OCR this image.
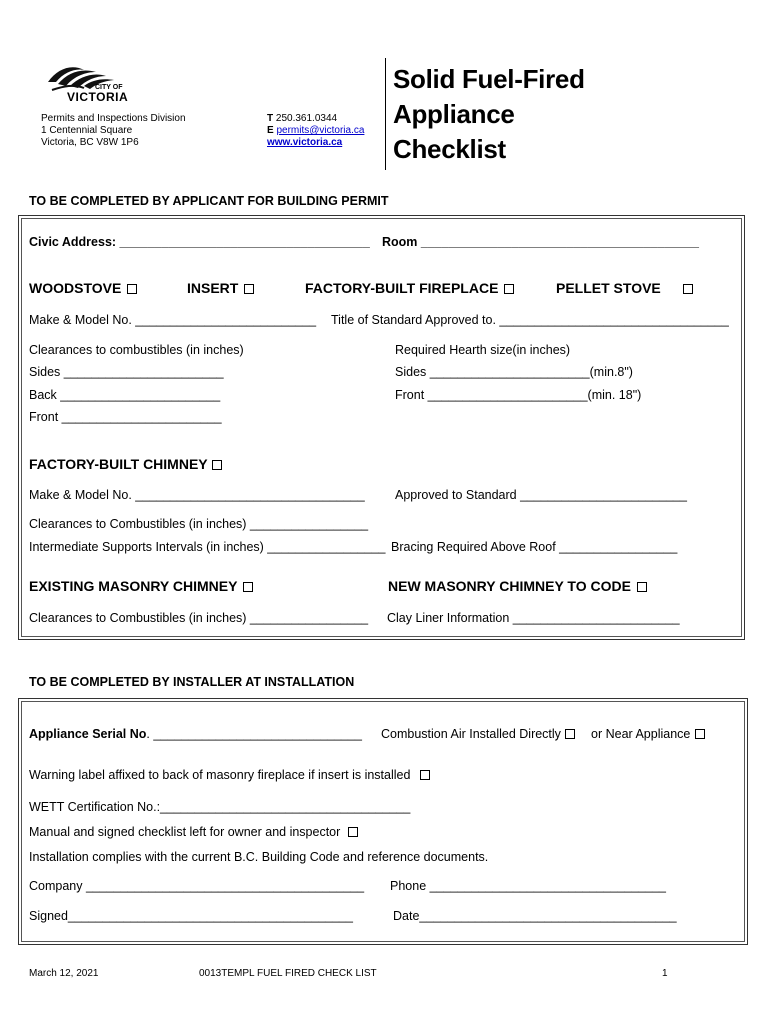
CITY OF
VICTORIA
Permits and Inspections Division
1 Centennial Square
Victoria, BC V8W 1P6
T 250.361.0344
E permits@victoria.ca
www.victoria.ca
Solid Fuel-Fired
Appliance
Checklist
TO BE COMPLETED BY APPLICANT FOR BUILDING PERMIT
Civic Address: ____________________________________ Room ________________________________________
WOODSTOVE	INSERT	FACTORY-BUILT FIREPLACE	PELLET STOVE
Make & Model No. __________________________ Title of Standard Approved to. _________________________________
Clearances to combustibles (in inches)	Required Hearth size(in inches)
Sides _______________________	Sides _______________________(min.8")
Back _______________________	Front _______________________(min. 18")
Front _______________________
FACTORY-BUILT CHIMNEY
Make & Model No. _________________________________ Approved to Standard ________________________
Clearances to Combustibles (in inches) _________________
Intermediate Supports Intervals (in inches) _________________ Bracing Required Above Roof _________________
EXISTING MASONRY CHIMNEY	NEW MASONRY CHIMNEY TO CODE
Clearances to Combustibles (in inches) _________________ Clay Liner Information ________________________
TO BE COMPLETED BY INSTALLER AT INSTALLATION
Appliance Serial No. ______________________________ Combustion Air Installed Directly	or Near Appliance
Warning label affixed to back of masonry fireplace if insert is installed
WETT Certification No.:____________________________________
Manual and signed checklist left for owner and inspector
Installation complies with the current B.C. Building Code and reference documents.
Company ________________________________________ Phone __________________________________
Signed_________________________________________	Date_____________________________________
March 12, 2021	0013TEMPL FUEL FIRED CHECK LIST	1
